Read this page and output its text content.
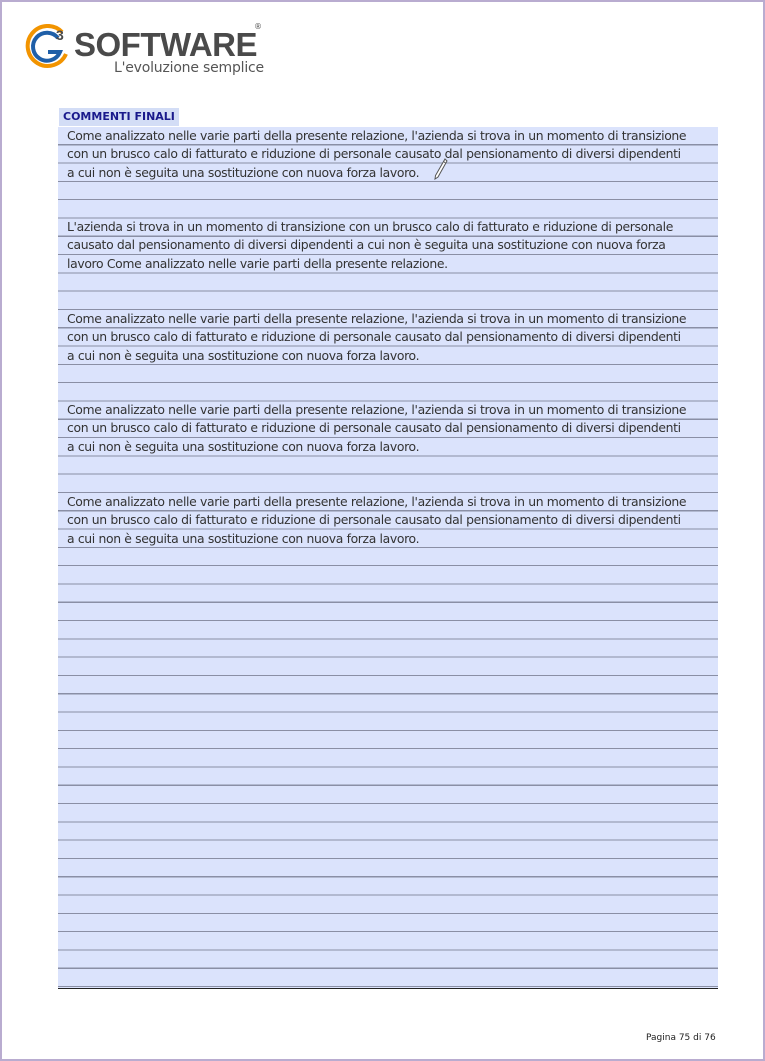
3 SOFTWARE
®
L'evoluzione semplice
COMMENTI FINALI

Come analizzato nelle varie parti della presente relazione, l'azienda si trova in un momento di transizione
con un brusco calo di fatturato e riduzione di personale causato dal pensionamento di diversi dipendenti
a cui non è seguita una sostituzione con nuova forza lavoro.

L'azienda si trova in un momento di transizione con un brusco calo di fatturato e riduzione di personale
causato dal pensionamento di diversi dipendenti a cui non è seguita una sostituzione con nuova forza
lavoro Come analizzato nelle varie parti della presente relazione.

Come analizzato nelle varie parti della presente relazione, l'azienda si trova in un momento di transizione
con un brusco calo di fatturato e riduzione di personale causato dal pensionamento di diversi dipendenti
a cui non è seguita una sostituzione con nuova forza lavoro.

Come analizzato nelle varie parti della presente relazione, l'azienda si trova in un momento di transizione
con un brusco calo di fatturato e riduzione di personale causato dal pensionamento di diversi dipendenti
a cui non è seguita una sostituzione con nuova forza lavoro.

Come analizzato nelle varie parti della presente relazione, l'azienda si trova in un momento di transizione
con un brusco calo di fatturato e riduzione di personale causato dal pensionamento di diversi dipendenti
a cui non è seguita una sostituzione con nuova forza lavoro.

Pagina 75 di 76
